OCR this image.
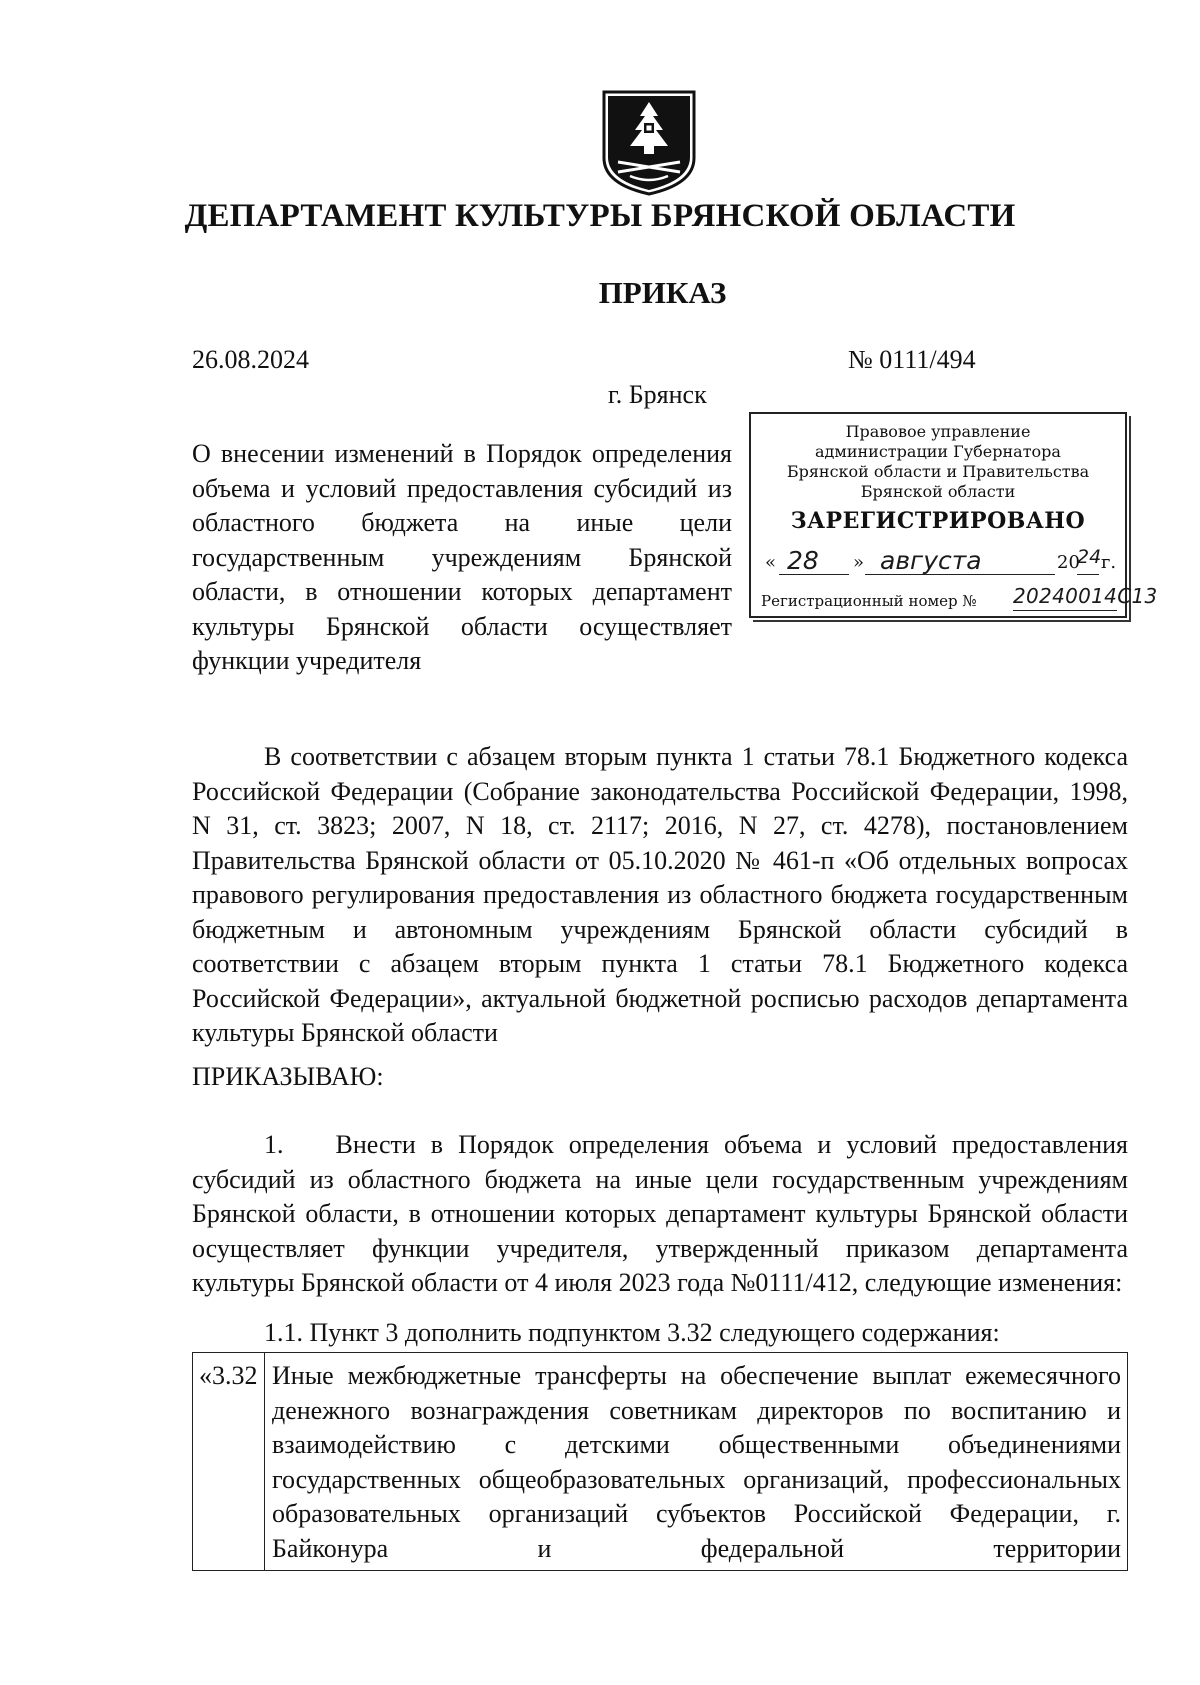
ДЕПАРТАМЕНТ КУЛЬТУРЫ БРЯНСКОЙ ОБЛАСТИ
ПРИКАЗ
26.08.2024	№ 0111/494
г. Брянск
О внесении изменений в Порядок определения объема и условий предоставления субсидий из областного бюджета на иные цели государственным учреждениям Брянской области, в отношении которых департамент культуры Брянской области осуществляет функции учредителя
Правовое управление
администрации Губернатора
Брянской области и Правительства
Брянской области
ЗАРЕГИСТРИРОВАНО
« 28 » августа	20
24 г.
Регистрационный номер № 20240014С13
В соответствии с абзацем вторым пункта 1 статьи 78.1 Бюджетного кодекса Российской Федерации (Собрание законодательства Российской Федерации, 1998, N 31, ст. 3823; 2007, N 18, ст. 2117; 2016, N 27, ст. 4278), постановлением Правительства Брянской области от 05.10.2020 № 461-п «Об отдельных вопросах правового регулирования предоставления из областного бюджета государственным бюджетным и автономным учреждениям Брянской области субсидий в соответствии с абзацем вторым пункта 1 статьи 78.1 Бюджетного кодекса Российской Федерации», актуальной бюджетной росписью расходов департамента культуры Брянской области
ПРИКАЗЫВАЮ:
1.  Внести в Порядок определения объема и условий предоставления субсидий из областного бюджета на иные цели государственным учреждениям Брянской области, в отношении которых департамент культуры Брянской области осуществляет функции учредителя, утвержденный приказом департамента культуры Брянской области от 4 июля 2023 года №0111/412, следующие изменения:
1.1. Пункт 3 дополнить подпунктом 3.32 следующего содержания:
«3.32 Иные межбюджетные трансферты на обеспечение выплат ежемесячного денежного вознаграждения советникам директоров по воспитанию и взаимодействию с детскими общественными объединениями государственных общеобразовательных организаций, профессиональных образовательных организаций субъектов Российской Федерации, г. Байконура и федеральной территории
